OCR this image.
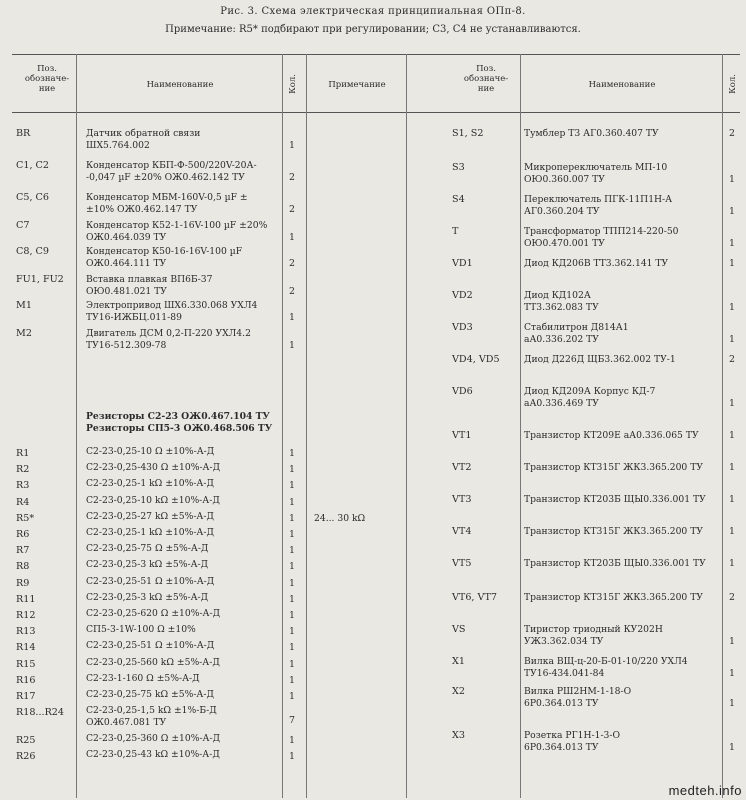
Рис. 3. Схема электрическая принципиальная ОПп-8.
Примечание: R5* подбирают при регулировании; С3, С4 не устанавливаются.
Поз. обозначе- ние	Наименование	Кол.	Примечание
Поз. обозначе- ние	Наименование	Кол.
BR	Датчик обратной связи
ШХ5.764.002	1
C1, C2	Конденсатор КБП-Ф-500/220V-20А-
-0,047 µF ±20% ОЖ0.462.142 ТУ	2
C5, C6	Конденсатор МБМ-160V-0,5 µF ±
±10% ОЖ0.462.147 ТУ	2
C7	Конденсатор К52-1-16V-100 µF ±20%
ОЖ0.464.039 ТУ	1
C8, C9	Конденсатор К50-16-16V-100 µF
ОЖ0.464.111 ТУ	2
FU1, FU2 Вставка плавкая ВП6Б-37
ОЮ0.481.021 ТУ	2
M1	Электропривод ШХ6.330.068 УХЛ4
ТУ16-ИЖБЦ.011-89	1
M2	Двигатель ДСМ 0,2-П-220 УХЛ4.2
ТУ16-512.309-78	1
Резисторы С2-23 ОЖ0.467.104 ТУ
Резисторы СП5-3 ОЖ0.468.506 ТУ
R1	С2-23-0,25-10 Ω ±10%-А-Д	1
R2	С2-23-0,25-430 Ω ±10%-А-Д	1
R3	С2-23-0,25-1 kΩ ±10%-А-Д	1
R4	С2-23-0,25-10 kΩ ±10%-А-Д	1
R5*	С2-23-0,25-27 kΩ ±5%-А-Д	1 24... 30 kΩ
R6	С2-23-0,25-1 kΩ ±10%-А-Д	1
R7	С2-23-0,25-75 Ω ±5%-А-Д	1
R8	С2-23-0,25-3 kΩ ±5%-А-Д	1
R9	С2-23-0,25-51 Ω ±10%-А-Д	1
R11	С2-23-0,25-3 kΩ ±5%-А-Д	1
R12	С2-23-0,25-620 Ω ±10%-А-Д	1
R13	СП5-3-1W-100 Ω ±10%	1
R14	С2-23-0,25-51 Ω ±10%-А-Д	1
R15	С2-23-0,25-560 kΩ ±5%-А-Д	1
R16	С2-23-1-160 Ω ±5%-А-Д	1
R17	С2-23-0,25-75 kΩ ±5%-А-Д	1
R18...R24 С2-23-0,25-1,5 kΩ ±1%-Б-Д
ОЖ0.467.081 ТУ	7
R25	С2-23-0,25-360 Ω ±10%-А-Д	1
R26	С2-23-0,25-43 kΩ ±10%-А-Д	1
S1, S2	Тумблер Т3 АГ0.360.407 ТУ	2
S3	Микропереключатель МП-10
ОЮ0.360.007 ТУ	1
S4	Переключатель ПГК-11П1Н-А
АГ0.360.204 ТУ	1
T	Трансформатор ТПП214-220-50
ОЮ0.470.001 ТУ	1
VD1	Диод КД206В ТТ3.362.141 ТУ	1
VD2	Диод КД102А
ТТ3.362.083 ТУ	1
VD3	Стабилитрон Д814А1
аА0.336.202 ТУ	1
VD4, VD5	Диод Д226Д ЩБ3.362.002 ТУ-1	2
VD6	Диод КД209А Корпус КД-7
аА0.336.469 ТУ	1
VT1	Транзистор КТ209Е аА0.336.065 ТУ	1
VT2	Транзистор КТ315Г ЖК3.365.200 ТУ	1
VT3	Транзистор КТ203Б ЩЫ0.336.001 ТУ 1
VT4	Транзистор КТ315Г ЖК3.365.200 ТУ	1
VT5	Транзистор КТ203Б ЩЫ0.336.001 ТУ 1
VT6, VT7	Транзистор КТ315Г ЖК3.365.200 ТУ	2
VS	Тиристор триодный КУ202Н
УЖ3.362.034 ТУ	1
X1	Вилка ВЩ-ц-20-Б-01-10/220 УХЛ4
ТУ16-434.041-84	1
X2	Вилка РШ2НМ-1-18-О
6Р0.364.013 ТУ	1
X3	Розетка РГ1Н-1-3-О
6Р0.364.013 ТУ	1
medteh.info
